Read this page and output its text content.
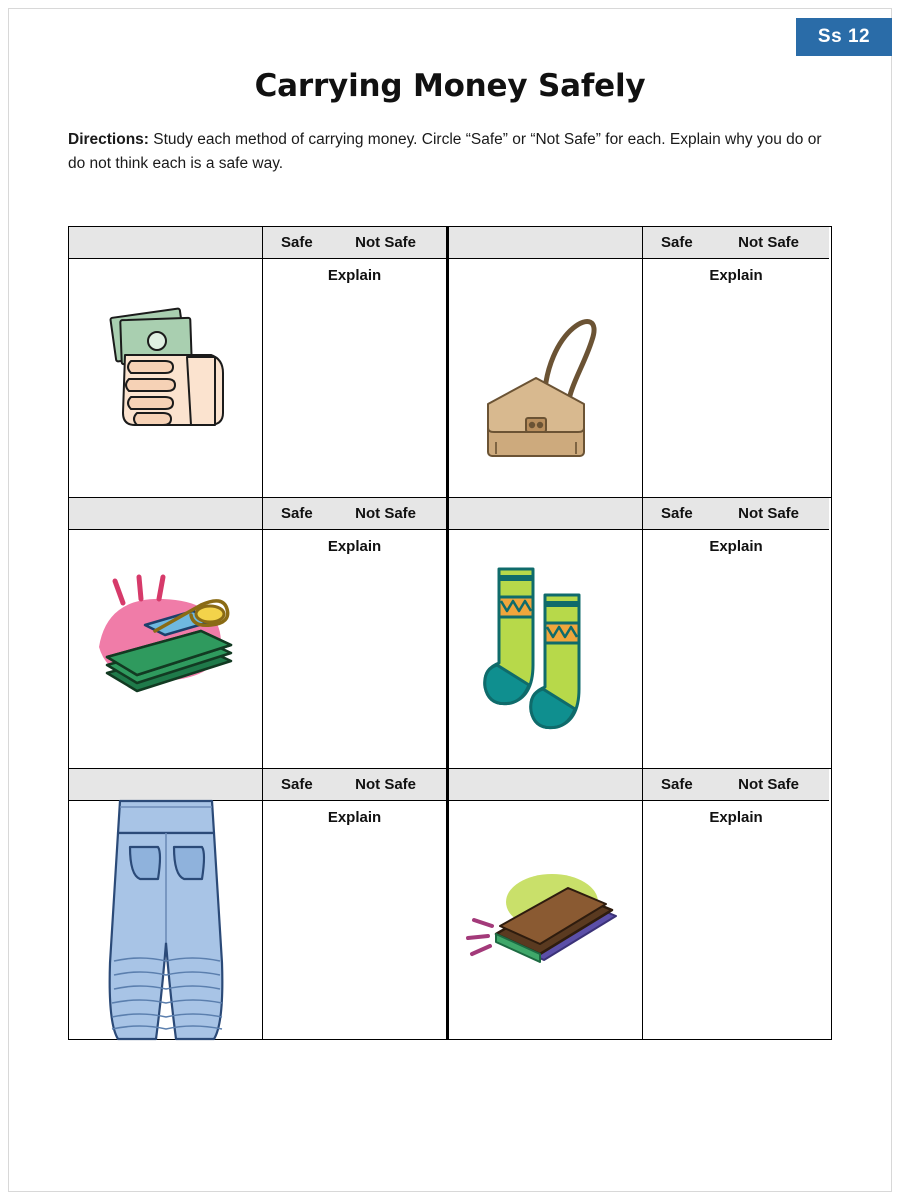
Ss 12
Carrying Money Safely
Directions: Study each method of carrying money. Circle “Safe” or “Not Safe” for each. Explain why you do or do not think each is a safe way.
Safe	Not Safe
Explain
Safe	Not Safe
Explain
Safe	Not Safe
Explain
Safe	Not Safe
Explain
Safe	Not Safe
Explain
Safe	Not Safe
Explain
